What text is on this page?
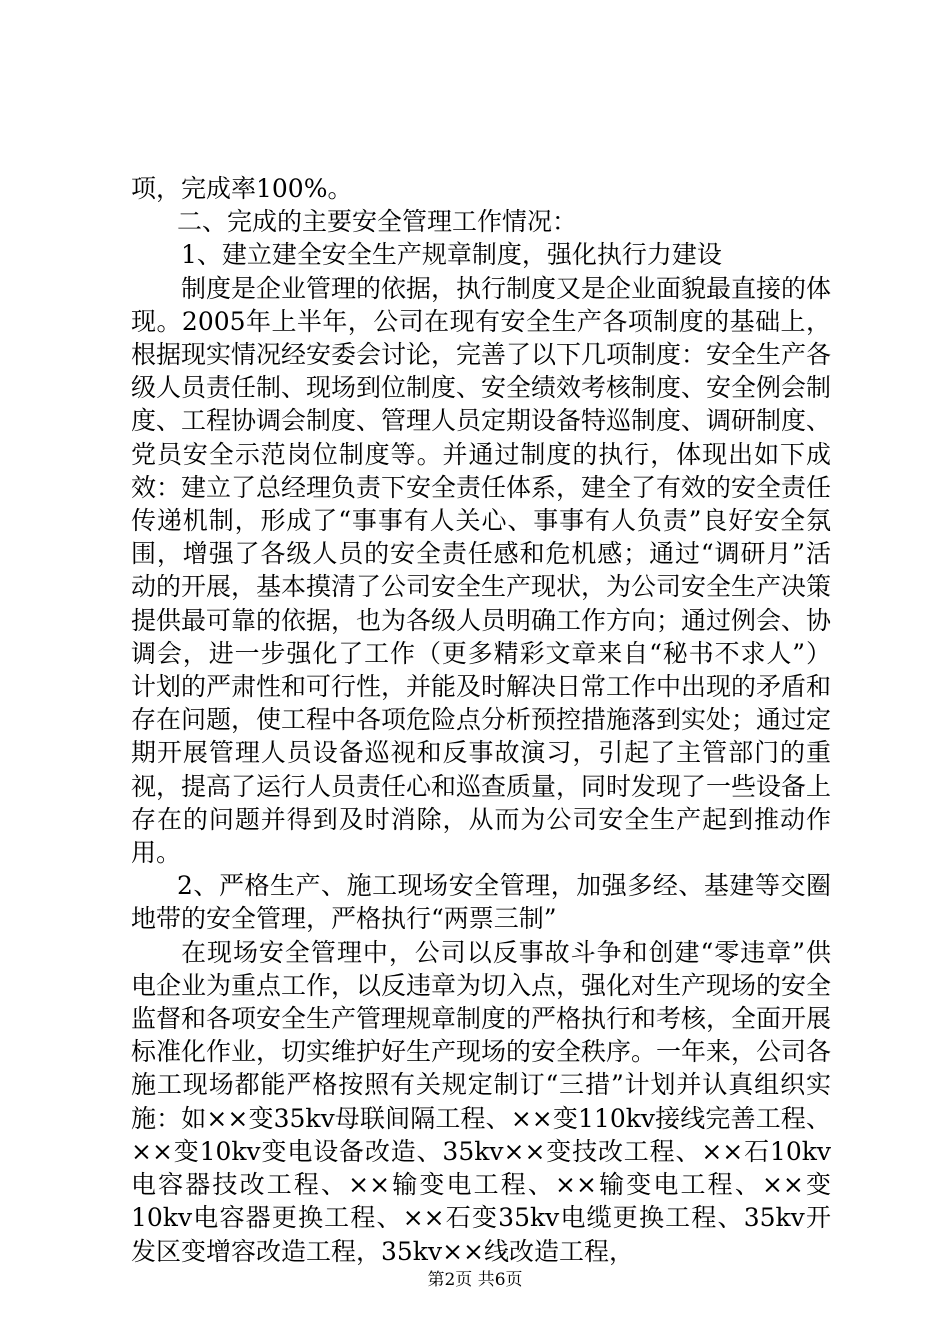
项，完成率100%。

二、完成的主要安全管理工作情况：

1、建立建全安全生产规章制度，强化执行力建设

制度是企业管理的依据，执行制度又是企业面貌最直接的体现。2005年上半年，公司在现有安全生产各项制度的基础上，根据现实情况经安委会讨论，完善了以下几项制度：安全生产各级人员责任制、现场到位制度、安全绩效考核制度、安全例会制度、工程协调会制度、管理人员定期设备特巡制度、调研制度、党员安全示范岗位制度等。并通过制度的执行，体现出如下成效：建立了总经理负责下安全责任体系，建全了有效的安全责任传递机制，形成了“事事有人关心、事事有人负责”良好安全氛围，增强了各级人员的安全责任感和危机感；通过“调研月”活动的开展，基本摸清了公司安全生产现状，为公司安全生产决策提供最可靠的依据，也为各级人员明确工作方向；通过例会、协调会，进一步强化了工作（更多精彩文章来自“秘书不求人”）计划的严肃性和可行性，并能及时解决日常工作中出现的矛盾和存在问题，使工程中各项危险点分析预控措施落到实处；通过定期开展管理人员设备巡视和反事故演习，引起了主管部门的重视，提高了运行人员责任心和巡查质量，同时发现了一些设备上存在的问题并得到及时消除，从而为公司安全生产起到推动作用。

2、严格生产、施工现场安全管理，加强多经、基建等交圈地带的安全管理，严格执行“两票三制”

在现场安全管理中，公司以反事故斗争和创建“零违章”供电企业为重点工作，以反违章为切入点，强化对生产现场的安全监督和各项安全生产管理规章制度的严格执行和考核，全面开展标准化作业，切实维护好生产现场的安全秩序。一年来，公司各施工现场都能严格按照有关规定制订“三措”计划并认真组织实施：如××变35kv母联间隔工程、××变110kv接线完善工程、××变10kv变电设备改造、35kv××变技改工程、××石10kv电容器技改工程、××输变电工程、××输变电工程、××变10kv电容器更换工程、××石变35kv电缆更换工程、35kv开发区变增容改造工程，35kv××线改造工程，

第2页 共6页
